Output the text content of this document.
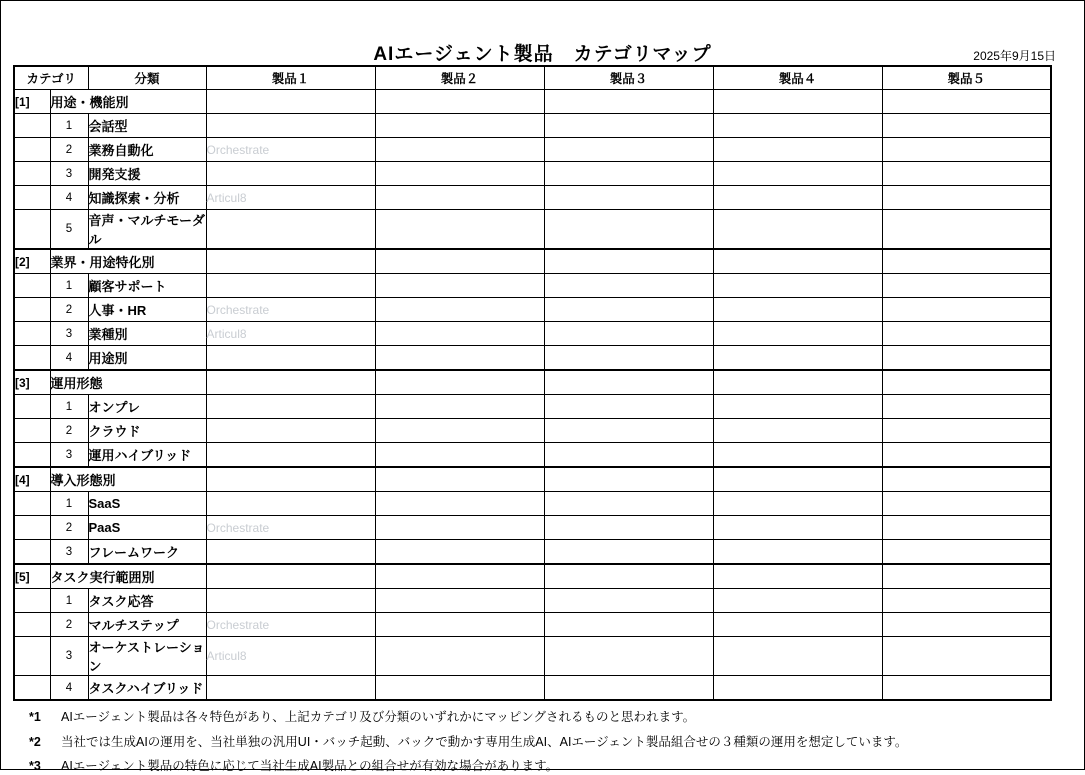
AIエージェント製品　カテゴリマップ	2025年9月15日
カテゴリ		分類	製品１	製品２	製品３	製品４	製品５
[1]	用途・機能別						
	1	会話型					
	2	業務自動化	Orchestrate				
	3	開発支援					
	4	知識探索・分析	Articul8				
	5	音声・マルチモーダル					
[2]	業界・用途特化別						
	1	顧客サポート					
	2	人事・HR	Orchestrate				
	3	業種別	Articul8				
	4	用途別					
[3]	運用形態						
	1	オンプレ					
	2	クラウド					
	3	運用ハイブリッド					
[4]	導入形態別						
	1	SaaS					
	2	PaaS	Orchestrate				
	3	フレームワーク					
[5]	タスク実行範囲別						
	1	タスク応答					
	2	マルチステップ	Orchestrate				
	3	オーケストレーション	Articul8				
	4	タスクハイブリッド					
*1	AIエージェント製品は各々特色があり、上記カテゴリ及び分類のいずれかにマッピングされるものと思われます。
*2	当社では生成AIの運用を、当社単独の汎用UI・バッチ起動、バックで動かす専用生成AI、AIエージェント製品組合せの３種類の運用を想定しています。
*3	AIエージェント製品の特色に応じて当社生成AI製品との組合せが有効な場合があります。
